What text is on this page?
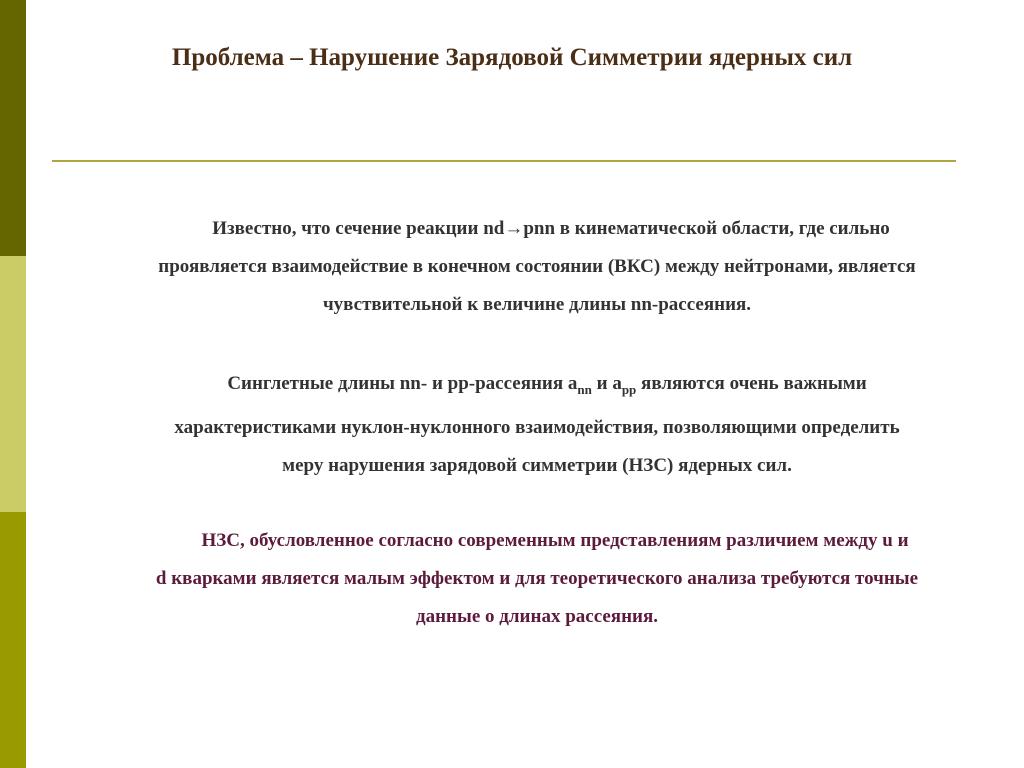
Проблема – Нарушение Зарядовой Симметрии ядерных сил

Известно, что сечение реакции nd→pnn в кинематической области, где сильно
проявляется взаимодействие в конечном состоянии (ВКС) между нейтронами, является
чувствительной к величине длины nn-рассеяния.

Синглетные длины nn- и pp-рассеяния $a_{nn}$ и $a_{pp}$ являются очень важными
характеристиками нуклон-нуклонного взаимодействия, позволяющими определить
меру нарушения зарядовой симметрии (НЗС) ядерных сил.

НЗС, обусловленное согласно современным представлениям различием между u и
d кварками является малым эффектом и для теоретического анализа требуются точные
данные о длинах рассеяния.
